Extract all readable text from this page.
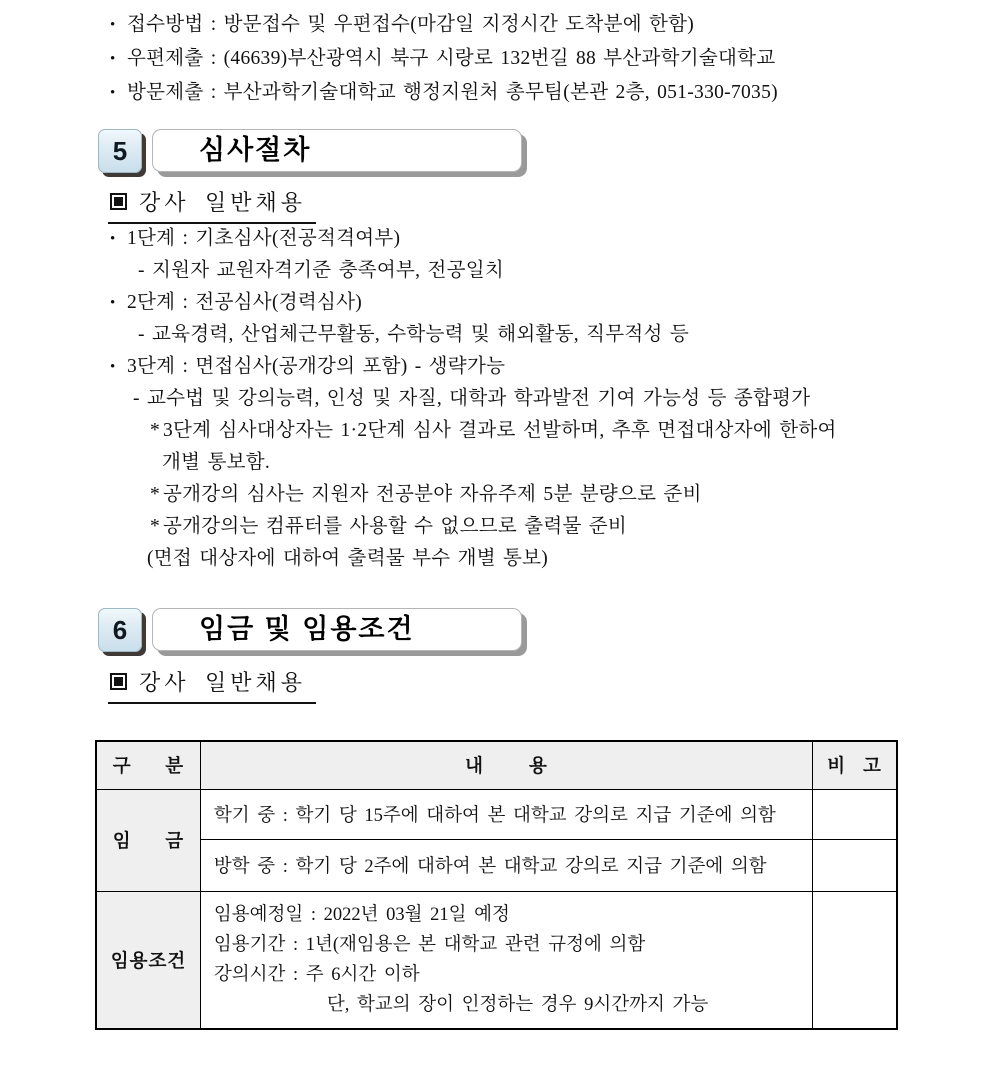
• 접수방법 : 방문접수 및 우편접수(마감일 지정시간 도착분에 한함)
• 우편제출 : (46639)부산광역시 북구 시랑로 132번길 88 부산과학기술대학교
• 방문제출 : 부산과학기술대학교 행정지원처 총무팀(본관 2층, 051-330-7035)
5	심사절차
강사 일반채용
• 1단계 : 기초심사(전공적격여부)
- 지원자 교원자격기준 충족여부, 전공일치
• 2단계 : 전공심사(경력심사)
- 교육경력, 산업체근무활동, 수학능력 및 해외활동, 직무적성 등
• 3단계 : 면접심사(공개강의 포함) - 생략가능
- 교수법 및 강의능력, 인성 및 자질, 대학과 학과발전 기여 가능성 등 종합평가
* 3단계 심사대상자는 1·2단계 심사 결과로 선발하며, 추후 면접대상자에 한하여
개별 통보함.
* 공개강의 심사는 지원자 전공분야 자유주제 5분 분량으로 준비
* 공개강의는 컴퓨터를 사용할 수 없으므로 출력물 준비
(면접 대상자에 대하여 출력물 부수 개별 통보)
6	임금 및 임용조건
강사 일반채용
구      분	내        용	비   고
임      금	학기 중 : 학기 당 15주에 대하여 본 대학교 강의로 지급 기준에 의함	
	방학 중 : 학기 당 2주에 대하여 본 대학교 강의로 지급 기준에 의함	
임용조건	임용예정일 : 2022년 03월 21일 예정
임용기간 : 1년(재임용은 본 대학교 관련 규정에 의함
강의시간 : 주 6시간 이하
단, 학교의 장이 인정하는 경우 9시간까지 가능	
